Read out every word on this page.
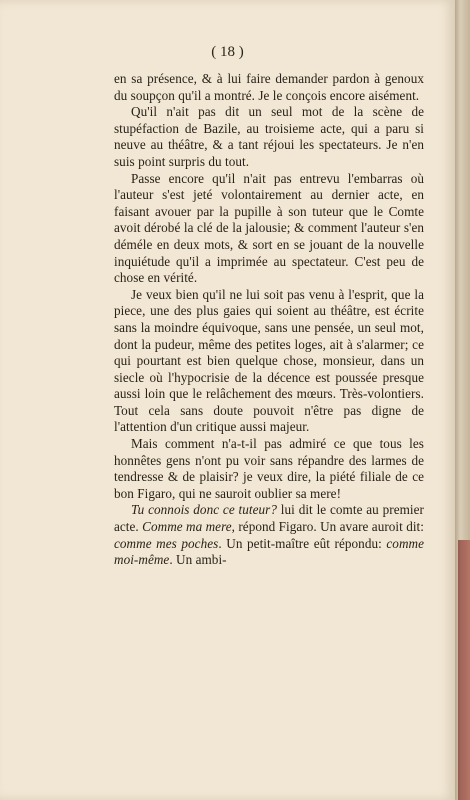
( 18 )

en sa présence, & à lui faire demander pardon à genoux du soupçon qu'il a montré. Je le conçois encore aisément.

Qu'il n'ait pas dit un seul mot de la scène de stupéfaction de Bazile, au troisieme acte, qui a paru si neuve au théâtre, & a tant réjoui les spectateurs. Je n'en suis point surpris du tout.

Passe encore qu'il n'ait pas entrevu l'embarras où l'auteur s'est jeté volontairement au dernier acte, en faisant avouer par la pupille à son tuteur que le Comte avoit dérobé la clé de la jalousie; & comment l'auteur s'en déméle en deux mots, & sort en se jouant de la nouvelle inquiétude qu'il a imprimée au spectateur. C'est peu de chose en vérité.

Je veux bien qu'il ne lui soit pas venu à l'esprit, que la piece, une des plus gaies qui soient au théâtre, est écrite sans la moindre équivoque, sans une pensée, un seul mot, dont la pudeur, même des petites loges, ait à s'alarmer; ce qui pourtant est bien quelque chose, monsieur, dans un siecle où l'hypocrisie de la décence est poussée presque aussi loin que le relâchement des mœurs. Très-volontiers. Tout cela sans doute pouvoit n'être pas digne de l'attention d'un critique aussi majeur.

Mais comment n'a-t-il pas admiré ce que tous les honnêtes gens n'ont pu voir sans répandre des larmes de tendresse & de plaisir? je veux dire, la piété filiale de ce bon Figaro, qui ne sauroit oublier sa mere!

Tu connois donc ce tuteur? lui dit le comte au premier acte. Comme ma mere, répond Figaro. Un avare auroit dit: comme mes poches. Un petit-maître eût répondu: comme moi-même. Un ambi-
